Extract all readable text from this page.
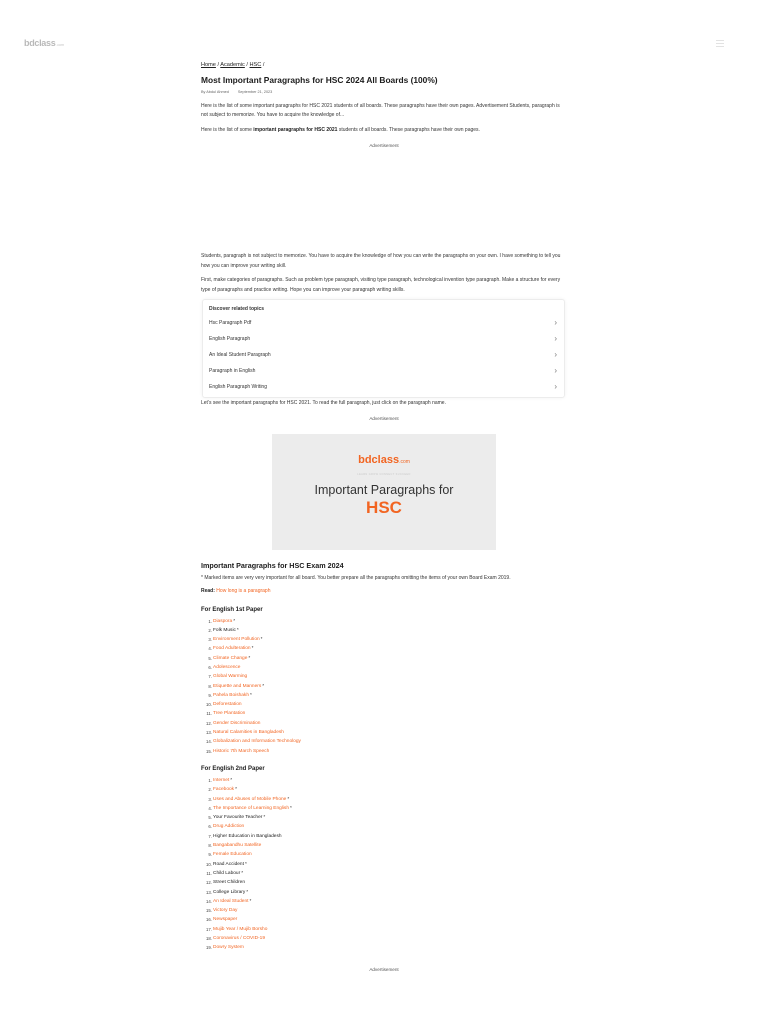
bdclass.com
Home / Academic / HSC /
Most Important Paragraphs for HSC 2024 All Boards (100%)
By Abdul Ahmed September 21, 2023
Here is the list of some important paragraphs for HSC 2021 students of all boards. These paragraphs have their own pages. Advertisement Students, paragraph is not subject to memorize. You have to acquire the knowledge of...
Here is the list of some important paragraphs for HSC 2021 students of all boards. These paragraphs have their own pages.
Advertisement
Students, paragraph is not subject to memorize. You have to acquire the knowledge of how you can write the paragraphs on your own. I have something to tell you how you can improve your writing skill.
First, make categories of paragraphs. Such as problem type paragraph, visiting type paragraph, technological invention type paragraph. Make a structure for every type of paragraphs and practice writing. Hope you can improve your paragraph writing skills.
Discover related topics
Hsc Paragraph Pdf	›
English Paragraph	›
An Ideal Student Paragraph	›
Paragraph in English	›
English Paragraph Writing	›
Let’s see the important paragraphs for HSC 2021. To read the full paragraph, just click on the paragraph name.
Advertisement
bdclass.com
LEARN GROW CONNECT SUCCEED
Important Paragraphs for
HSC
Important Paragraphs for HSC Exam 2024
* Marked items are very very important for all board. You better prepare all the paragraphs omitting the items of your own Board Exam 2019.
Read: How long is a paragraph
For English 1st Paper
1. Diaspora *
2. Folk Music *
3. Environment Pollution *
4. Food Adulteration *
5. Climate Change *
6. Adolescence
7. Global Warming
8. Etiquette and Manners *
9. Pahela Boishakh *
10. Deforestation
11. Tree Plantation
12. Gender Discrimination
13. Natural Calamities in Bangladesh
14. Globalization and Information Technology
15. Historic 7th March Speech
For English 2nd Paper
1. Internet *
2. Facebook *
3. Uses and Abuses of Mobile Phone *
4. The Importance of Learning English *
5. Your Favourite Teacher *
6. Drug Addiction
7. Higher Education in Bangladesh
8. Bangabandhu Satellite
9. Female Education
10. Road Accident *
11. Child Labour *
12. Street Children
13. College Library *
14. An Ideal Student *
15. Victory Day
16. Newspaper
17. Mujib Year / Mujib Borsho
18. Coronavirus / COVID-19
19. Dowry System
Advertisement
